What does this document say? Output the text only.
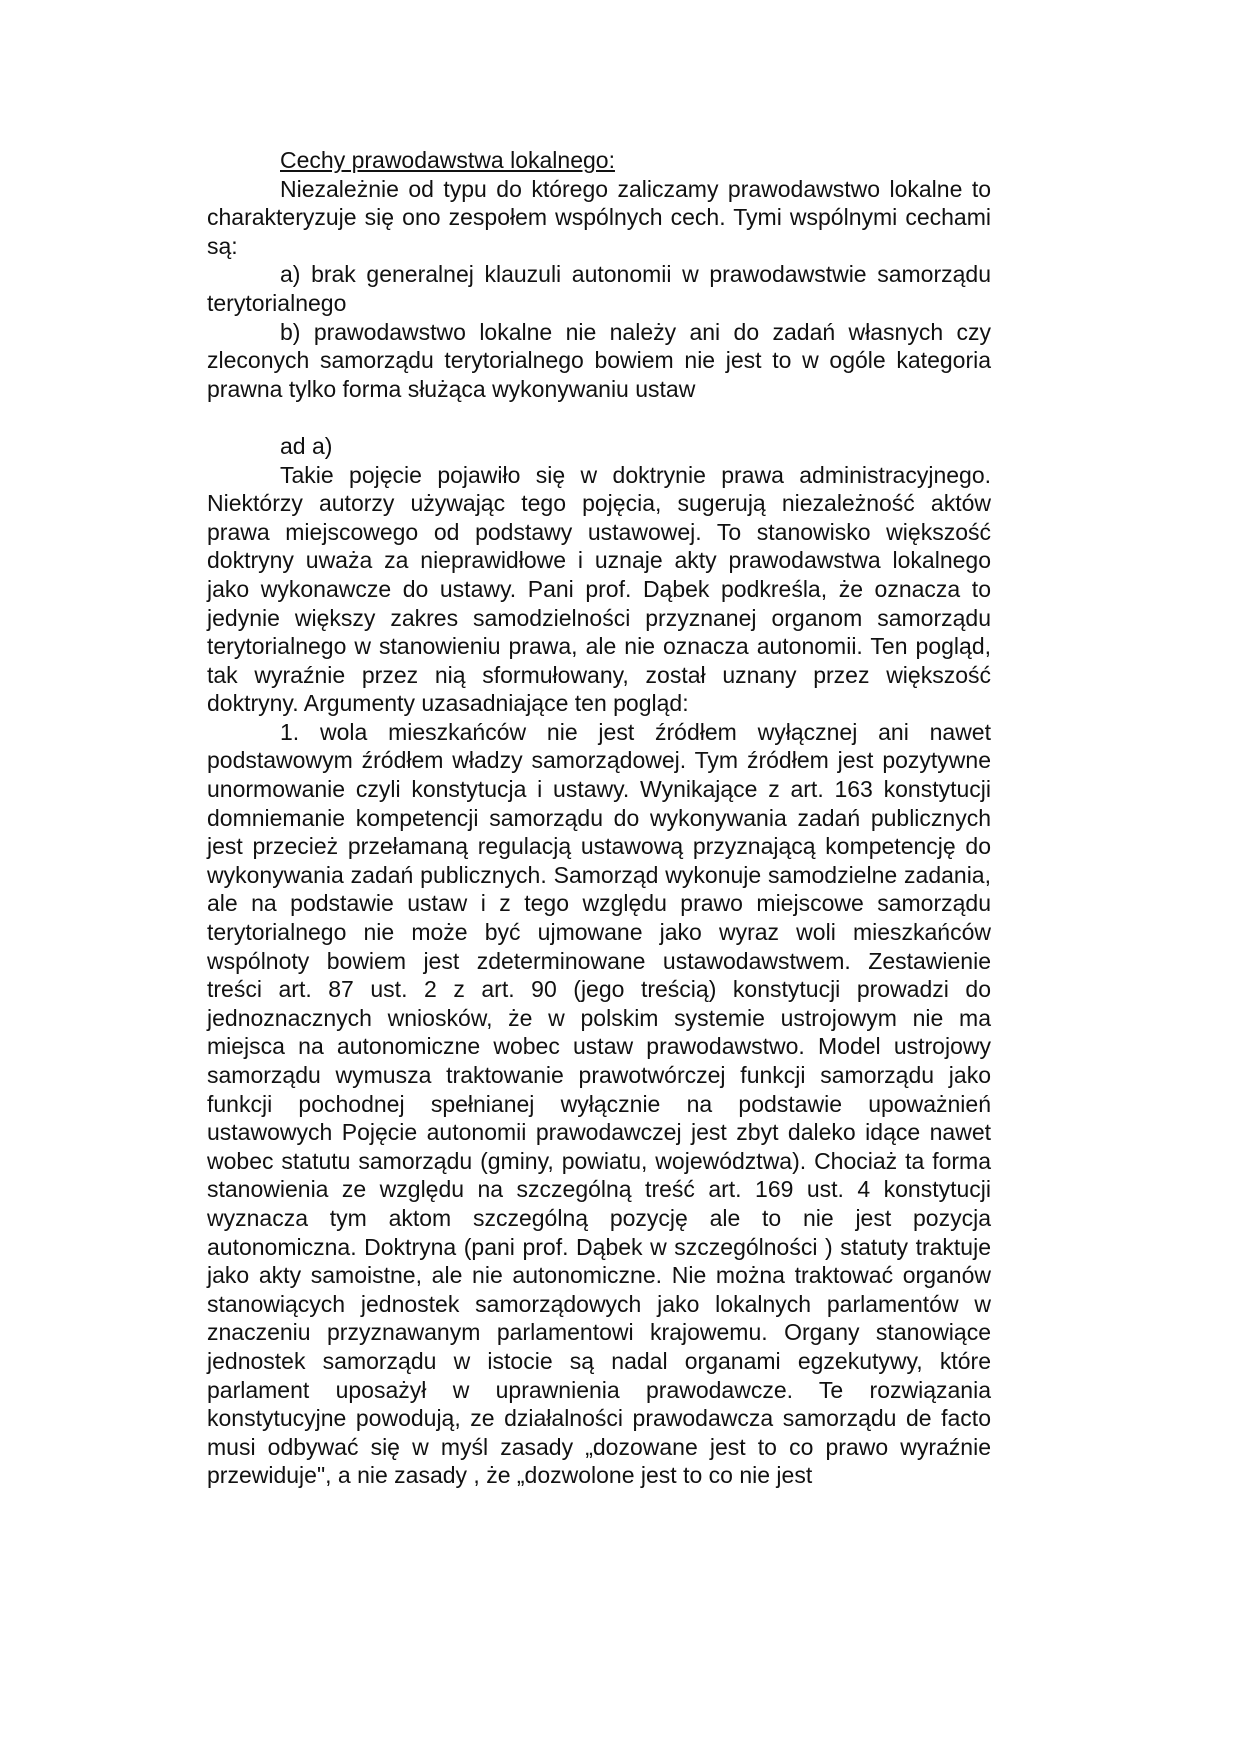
Cechy prawodawstwa lokalnego:

Niezależnie od typu do którego zaliczamy prawodawstwo lokalne to charakteryzuje się ono zespołem wspólnych cech. Tymi wspólnymi cechami są:

a) brak generalnej klauzuli autonomii w prawodawstwie samorządu terytorialnego

b) prawodawstwo lokalne nie należy ani do zadań własnych czy zleconych samorządu terytorialnego bowiem nie jest to w ogóle kategoria prawna tylko forma służąca wykonywaniu ustaw

ad a)

Takie pojęcie pojawiło się w doktrynie prawa administracyjnego. Niektórzy autorzy używając tego pojęcia, sugerują niezależność aktów prawa miejscowego od podstawy ustawowej. To stanowisko większość doktryny uważa za nieprawidłowe i uznaje akty prawodawstwa lokalnego jako wykonawcze do ustawy. Pani prof. Dąbek podkreśla, że oznacza to jedynie większy zakres samodzielności przyznanej organom samorządu terytorialnego w stanowieniu prawa, ale nie oznacza autonomii. Ten pogląd, tak wyraźnie przez nią sformułowany, został uznany przez większość doktryny. Argumenty uzasadniające ten pogląd:

1. wola mieszkańców nie jest źródłem wyłącznej ani nawet podstawowym źródłem władzy samorządowej. Tym źródłem jest pozytywne unormowanie czyli konstytucja i ustawy. Wynikające z art. 163 konstytucji domniemanie kompetencji samorządu do wykonywania zadań publicznych jest przecież przełamaną regulacją ustawową przyznającą kompetencję do wykonywania zadań publicznych. Samorząd wykonuje samodzielne zadania, ale na podstawie ustaw i z tego względu prawo miejscowe samorządu terytorialnego nie może być ujmowane jako wyraz woli mieszkańców wspólnoty bowiem jest zdeterminowane ustawodawstwem. Zestawienie treści art. 87 ust. 2 z art. 90 (jego treścią) konstytucji prowadzi do jednoznacznych wniosków, że w polskim systemie ustrojowym nie ma miejsca na autonomiczne wobec ustaw prawodawstwo. Model ustrojowy samorządu wymusza traktowanie prawotwórczej funkcji samorządu jako funkcji pochodnej spełnianej wyłącznie na podstawie upoważnień ustawowych Pojęcie autonomii prawodawczej jest zbyt daleko idące nawet wobec statutu samorządu (gminy, powiatu, województwa). Chociaż ta forma stanowienia ze względu na szczególną treść art. 169 ust. 4 konstytucji wyznacza tym aktom szczególną pozycję ale to nie jest pozycja autonomiczna. Doktryna (pani prof. Dąbek w szczególności ) statuty traktuje jako akty samoistne, ale nie autonomiczne. Nie można traktować organów stanowiących jednostek samorządowych jako lokalnych parlamentów w znaczeniu przyznawanym parlamentowi krajowemu. Organy stanowiące jednostek samorządu w istocie są nadal organami egzekutywy, które parlament uposażył w uprawnienia prawodawcze. Te rozwiązania konstytucyjne powodują, ze działalności prawodawcza samorządu de facto musi odbywać się w myśl zasady „dozowane jest to co prawo wyraźnie przewiduje", a nie zasady , że „dozwolone jest to co nie jest
